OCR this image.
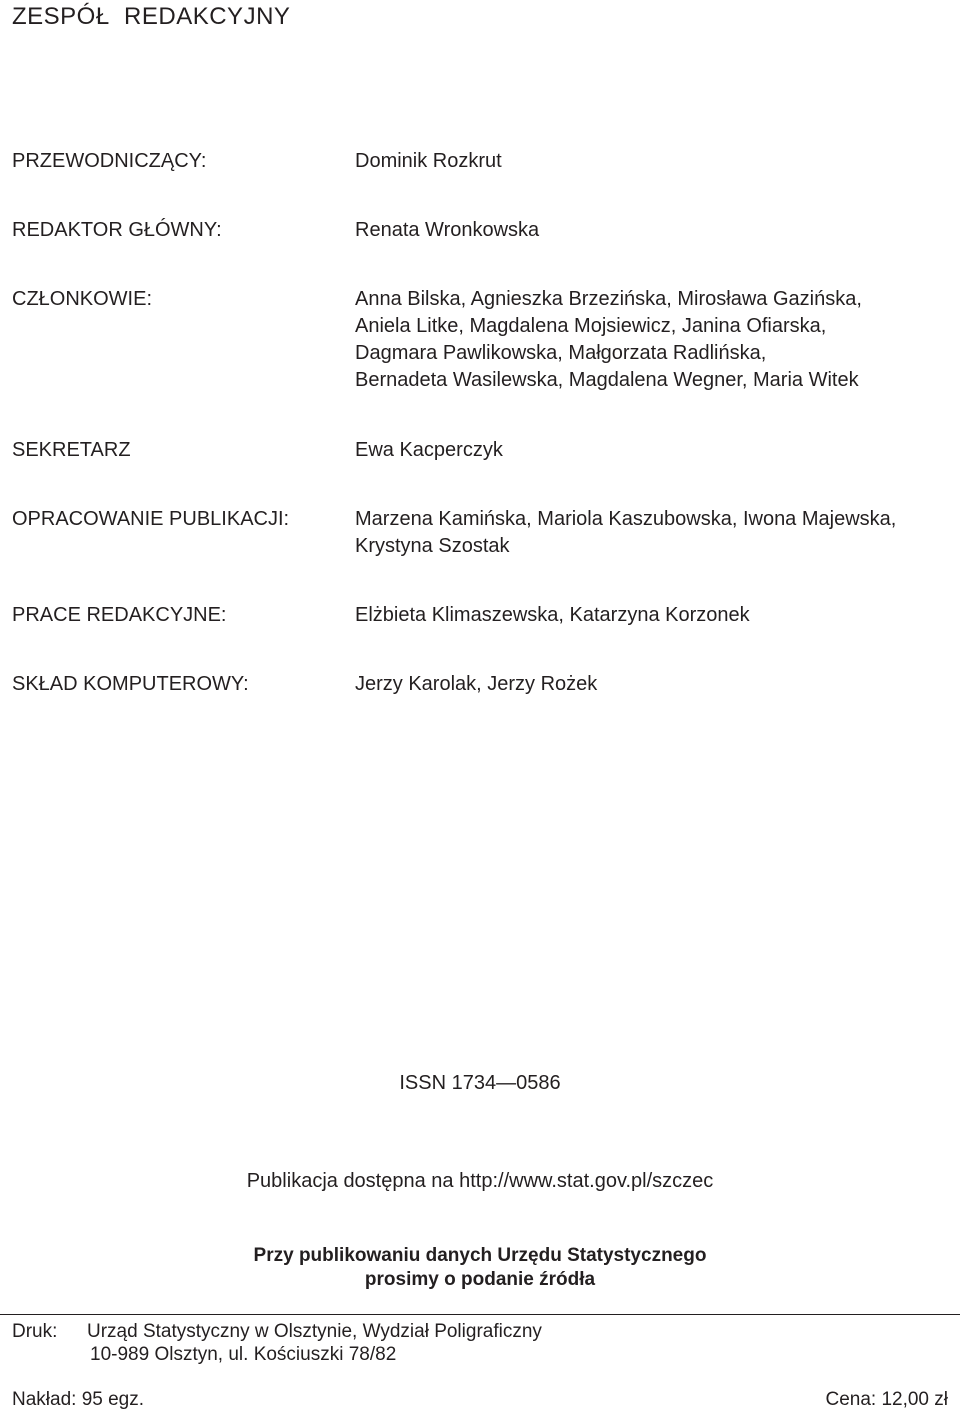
ZESPÓŁ  REDAKCYJNY
PRZEWODNICZĄCY:	Dominik Rozkrut
REDAKTOR GŁÓWNY:	Renata Wronkowska
CZŁONKOWIE:	Anna Bilska, Agnieszka Brzezińska, Mirosława Gazińska,
Aniela Litke, Magdalena Mojsiewicz, Janina Ofiarska,
Dagmara Pawlikowska, Małgorzata Radlińska,
Bernadeta Wasilewska, Magdalena Wegner, Maria Witek
SEKRETARZ	Ewa Kacperczyk
OPRACOWANIE PUBLIKACJI:	Marzena Kamińska, Mariola Kaszubowska, Iwona Majewska,
Krystyna Szostak
PRACE REDAKCYJNE:	Elżbieta Klimaszewska, Katarzyna Korzonek
SKŁAD KOMPUTEROWY:	Jerzy Karolak, Jerzy Rożek
ISSN 1734—0586
Publikacja dostępna na http://www.stat.gov.pl/szczec
Przy publikowaniu danych Urzędu Statystycznego
prosimy o podanie źródła
Druk: Urząd Statystyczny w Olsztynie, Wydział Poligraficzny
10-989 Olsztyn, ul. Kościuszki 78/82
Nakład: 95 egz.	Cena: 12,00 zł
